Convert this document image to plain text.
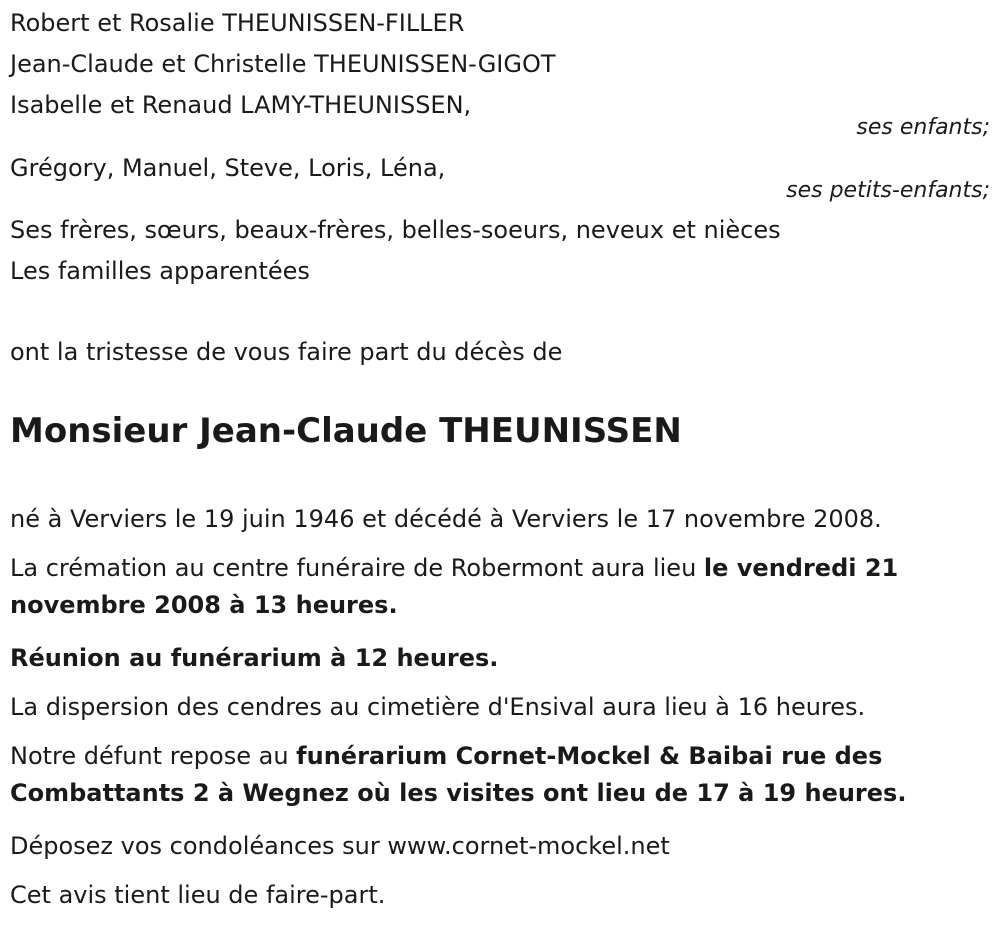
Robert et Rosalie THEUNISSEN-FILLER
Jean-Claude et Christelle THEUNISSEN-GIGOT
Isabelle et Renaud LAMY-THEUNISSEN,
ses enfants;
Grégory, Manuel, Steve, Loris, Léna,
ses petits-enfants;
Ses frères, sœurs, beaux-frères, belles-soeurs, neveux et nièces
Les familles apparentées
ont la tristesse de vous faire part du décès de
Monsieur Jean-Claude THEUNISSEN
né à Verviers le 19 juin 1946 et décédé à Verviers le 17 novembre 2008.
La crémation au centre funéraire de Robermont aura lieu le vendredi 21 novembre 2008 à 13 heures.
Réunion au funérarium à 12 heures.
La dispersion des cendres au cimetière d'Ensival aura lieu à 16 heures.
Notre défunt repose au funérarium Cornet-Mockel & Baibai rue des Combattants 2 à Wegnez où les visites ont lieu de 17 à 19 heures.
Déposez vos condoléances sur www.cornet-mockel.net
Cet avis tient lieu de faire-part.
